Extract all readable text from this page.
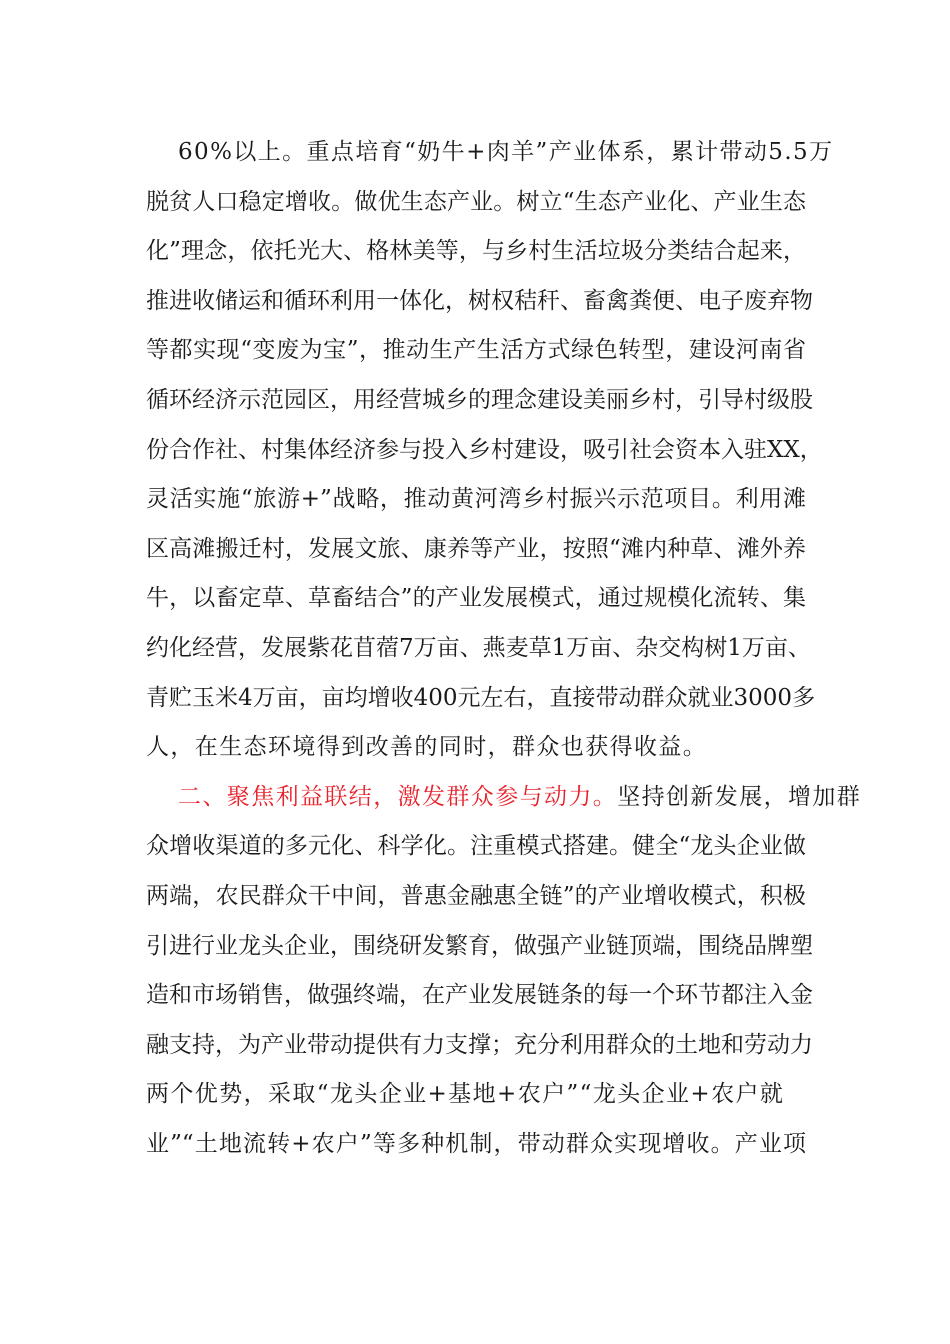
60%以上。重点培育“奶牛+肉羊”产业体系，累计带动5.5万
脱贫人口稳定增收。做优生态产业。树立“生态产业化、产业生态
化”理念，依托光大、格林美等，与乡村生活垃圾分类结合起来，
推进收储运和循环利用一体化，树权秸秆、畜禽粪便、电子废弃物
等都实现“变废为宝”，推动生产生活方式绿色转型，建设河南省
循环经济示范园区，用经营城乡的理念建设美丽乡村，引导村级股
份合作社、村集体经济参与投入乡村建设，吸引社会资本入驻XX，
灵活实施“旅游+”战略，推动黄河湾乡村振兴示范项目。利用滩
区高滩搬迁村，发展文旅、康养等产业，按照“滩内种草、滩外养
牛，以畜定草、草畜结合”的产业发展模式，通过规模化流转、集
约化经营，发展紫花苜蓿7万亩、燕麦草1万亩、杂交构树1万亩、
青贮玉米4万亩，亩均增收400元左右，直接带动群众就业3000多
人，在生态环境得到改善的同时，群众也获得收益。
二、聚焦利益联结，激发群众参与动力。坚持创新发展，增加群
众增收渠道的多元化、科学化。注重模式搭建。健全“龙头企业做
两端，农民群众干中间，普惠金融惠全链”的产业增收模式，积极
引进行业龙头企业，围绕研发繁育，做强产业链顶端，围绕品牌塑
造和市场销售，做强终端，在产业发展链条的每一个环节都注入金
融支持，为产业带动提供有力支撑；充分利用群众的土地和劳动力
两个优势，采取“龙头企业+基地+农户”“龙头企业+农户就
业”“土地流转+农户”等多种机制，带动群众实现增收。产业项
